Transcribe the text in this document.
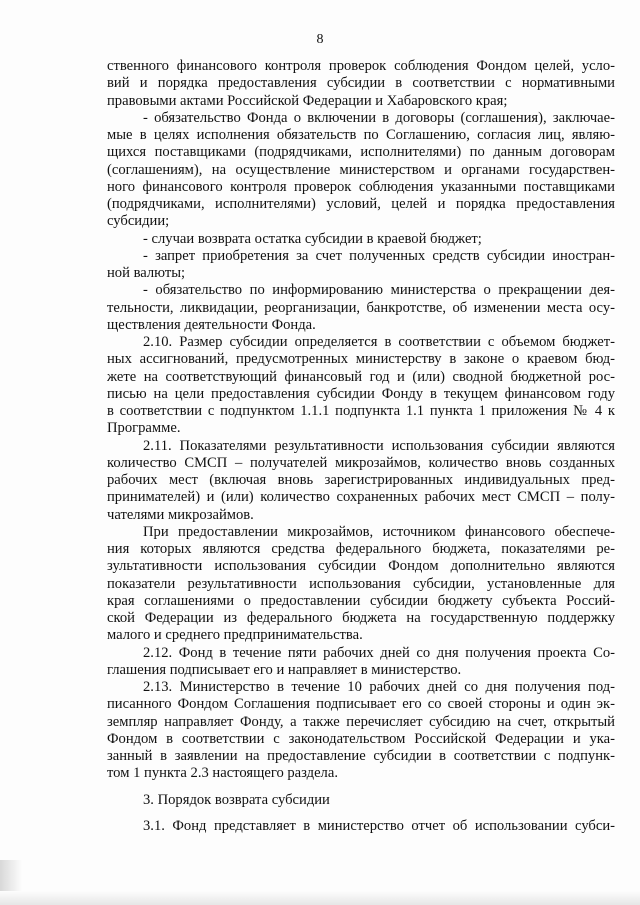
8
ственного финансового контроля проверок соблюдения Фондом целей, усло-
вий и порядка предоставления субсидии в соответствии с нормативными
правовыми актами Российской Федерации и Хабаровского края;
- обязательство Фонда о включении в договоры (соглашения), заключае-
мые в целях исполнения обязательств по Соглашению, согласия лиц, являю-
щихся поставщиками (подрядчиками, исполнителями) по данным договорам
(соглашениям), на осуществление министерством и органами государствен-
ного финансового контроля проверок соблюдения указанными поставщиками
(подрядчиками, исполнителями) условий, целей и порядка предоставления
субсидии;
- случаи возврата остатка субсидии в краевой бюджет;
- запрет приобретения за счет полученных средств субсидии иностран-
ной валюты;
- обязательство по информированию министерства о прекращении дея-
тельности, ликвидации, реорганизации, банкротстве, об изменении места осу-
ществления деятельности Фонда.
2.10. Размер субсидии определяется в соответствии с объемом бюджет-
ных ассигнований, предусмотренных министерству в законе о краевом бюд-
жете на соответствующий финансовый год и (или) сводной бюджетной рос-
писью на цели предоставления субсидии Фонду в текущем финансовом году
в соответствии с подпунктом 1.1.1 подпункта 1.1 пункта 1 приложения № 4 к
Программе.
2.11. Показателями результативности использования субсидии являются
количество СМСП – получателей микрозаймов, количество вновь созданных
рабочих мест (включая вновь зарегистрированных индивидуальных пред-
принимателей) и (или) количество сохраненных рабочих мест СМСП – полу-
чателями микрозаймов.
При предоставлении микрозаймов, источником финансового обеспече-
ния которых являются средства федерального бюджета, показателями ре-
зультативности использования субсидии Фондом дополнительно являются
показатели результативности использования субсидии, установленные для
края соглашениями о предоставлении субсидии бюджету субъекта Россий-
ской Федерации из федерального бюджета на государственную поддержку
малого и среднего предпринимательства.
2.12. Фонд в течение пяти рабочих дней со дня получения проекта Со-
глашения подписывает его и направляет в министерство.
2.13. Министерство в течение 10 рабочих дней со дня получения под-
писанного Фондом Соглашения подписывает его со своей стороны и один эк-
земпляр направляет Фонду, а также перечисляет субсидию на счет, открытый
Фондом в соответствии с законодательством Российской Федерации и ука-
занный в заявлении на предоставление субсидии в соответствии с подпунк-
том 1 пункта 2.3 настоящего раздела.
3. Порядок возврата субсидии
3.1. Фонд представляет в министерство отчет об использовании субси-
